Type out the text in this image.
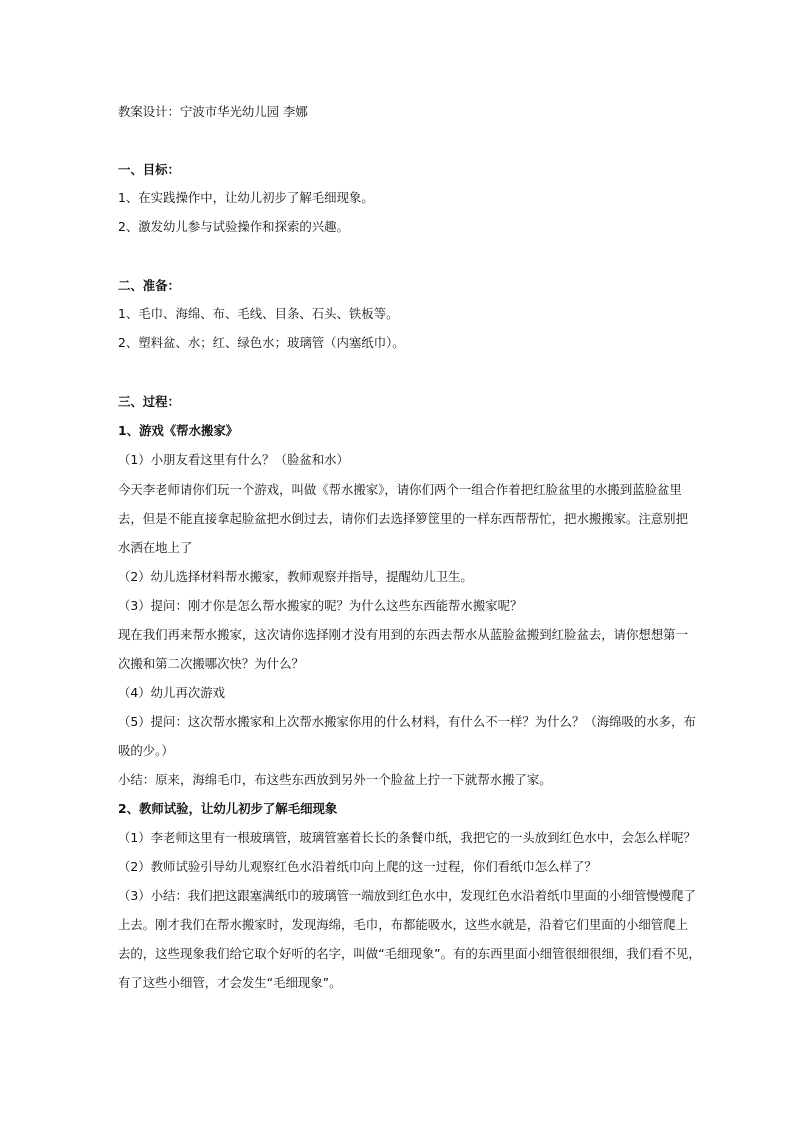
教案设计：宁波市华光幼儿园 李娜
一、目标：
1、在实践操作中，让幼儿初步了解毛细现象。
2、激发幼儿参与试验操作和探索的兴趣。
二、准备：
1、毛巾、海绵、布、毛线、目条、石头、铁板等。
2、塑料盆、水；红、绿色水；玻璃管（内塞纸巾）。
三、过程：
1、游戏《帮水搬家》
（1）小朋友看这里有什么？（脸盆和水）
今天李老师请你们玩一个游戏，叫做《帮水搬家》，请你们两个一组合作着把红脸盆里的水搬到蓝脸盆里
去，但是不能直接拿起脸盆把水倒过去，请你们去选择箩筐里的一样东西帮帮忙，把水搬搬家。注意别把
水洒在地上了
（2）幼儿选择材料帮水搬家，教师观察并指导，提醒幼儿卫生。
（3）提问：刚才你是怎么帮水搬家的呢？为什么这些东西能帮水搬家呢？
现在我们再来帮水搬家，这次请你选择刚才没有用到的东西去帮水从蓝脸盆搬到红脸盆去，请你想想第一
次搬和第二次搬哪次快？为什么？
（4）幼儿再次游戏
（5）提问：这次帮水搬家和上次帮水搬家你用的什么材料，有什么不一样？为什么？（海绵吸的水多，布
吸的少。）
小结：原来，海绵毛巾，布这些东西放到另外一个脸盆上拧一下就帮水搬了家。
2、教师试验，让幼儿初步了解毛细现象
（1）李老师这里有一根玻璃管，玻璃管塞着长长的条餐巾纸，我把它的一头放到红色水中，会怎么样呢？
（2）教师试验引导幼儿观察红色水沿着纸巾向上爬的这一过程，你们看纸巾怎么样了？
（3）小结：我们把这跟塞满纸巾的玻璃管一端放到红色水中，发现红色水沿着纸巾里面的小细管慢慢爬了
上去。刚才我们在帮水搬家时，发现海绵，毛巾，布都能吸水，这些水就是，沿着它们里面的小细管爬上
去的，这些现象我们给它取个好听的名字，叫做“毛细现象”。有的东西里面小细管很细很细，我们看不见，
有了这些小细管，才会发生“毛细现象”。
